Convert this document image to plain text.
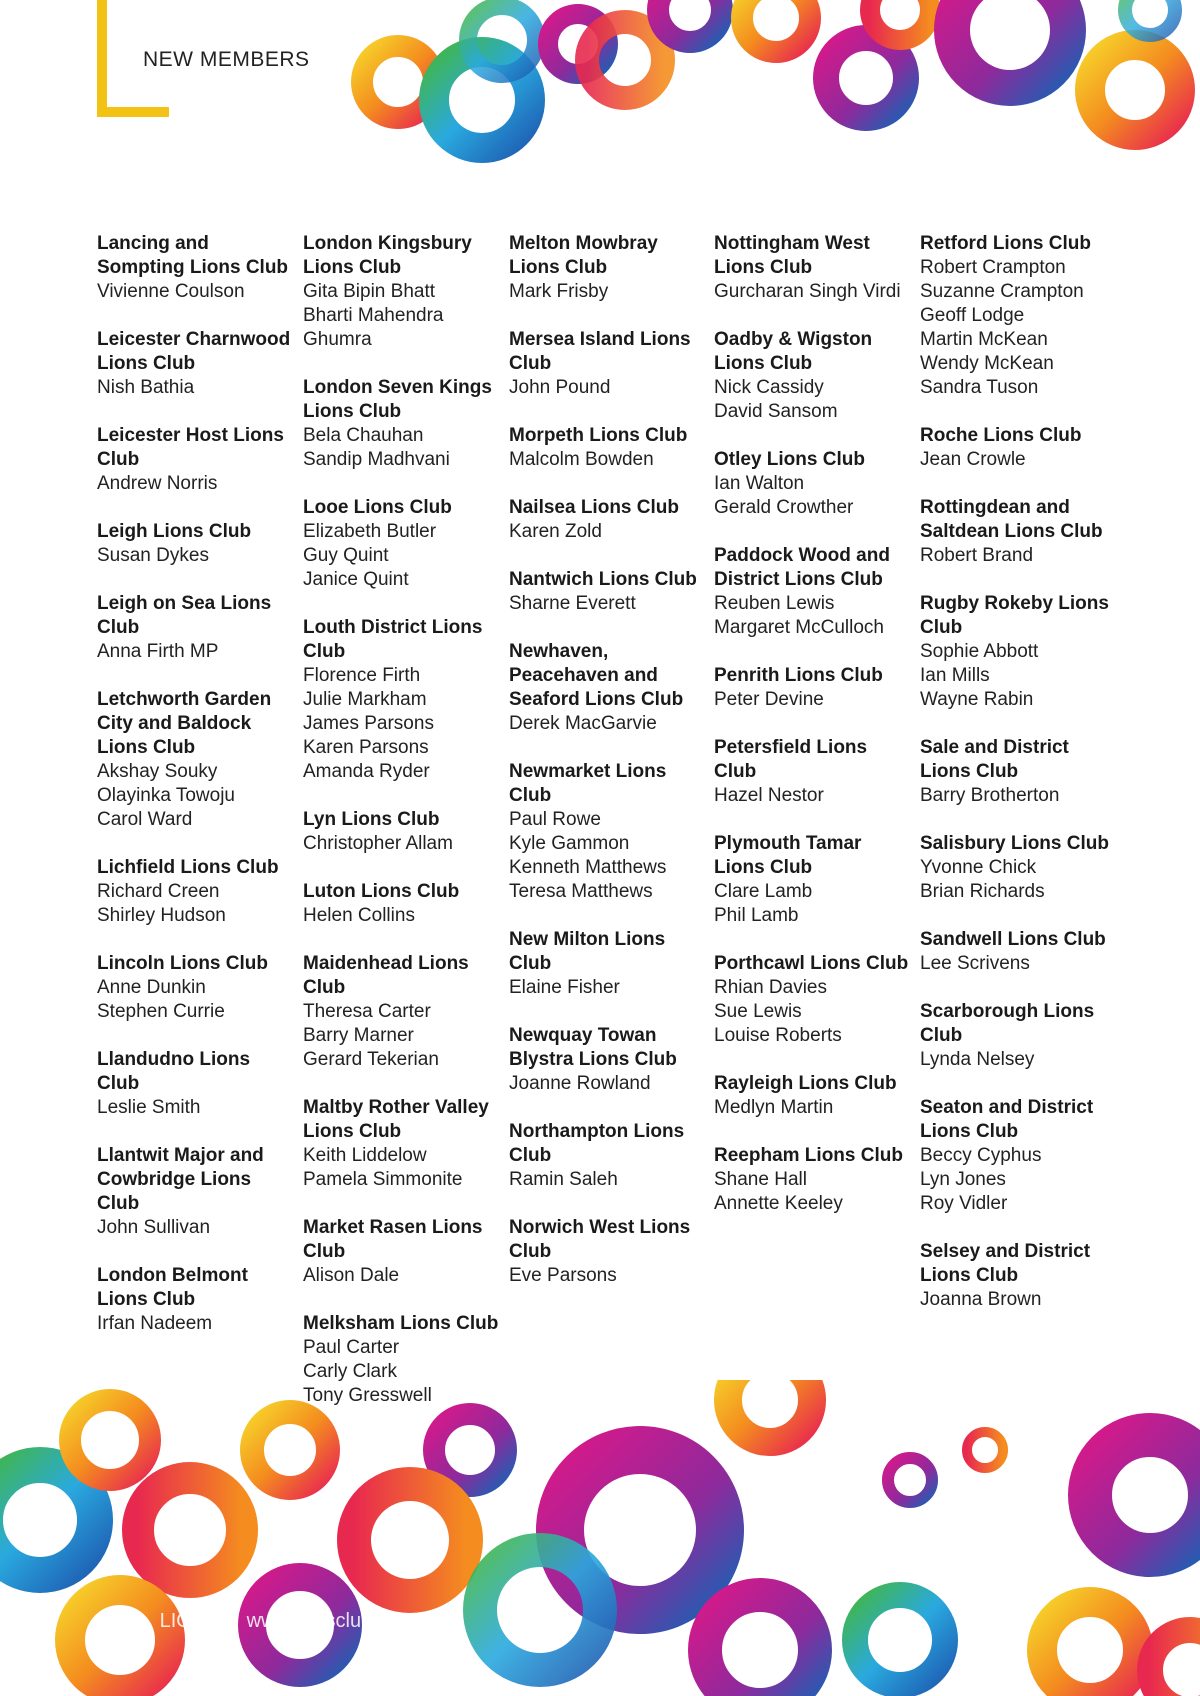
NEW MEMBERS
Lancing and Sompting Lions Club
Vivienne Coulson
Leicester Charnwood Lions Club
Nish Bathia
Leicester Host Lions Club
Andrew Norris
Leigh Lions Club
Susan Dykes
Leigh on Sea Lions Club
Anna Firth MP
Letchworth Garden City and Baldock Lions Club
Akshay Souky
Olayinka Towoju
Carol Ward
Lichfield Lions Club
Richard Creen
Shirley Hudson
Lincoln Lions Club
Anne Dunkin
Stephen Currie
Llandudno Lions Club
Leslie Smith
Llantwit Major and Cowbridge Lions Club
John Sullivan
London Belmont Lions Club
Irfan Nadeem
London Kingsbury Lions Club
Gita Bipin Bhatt
Bharti Mahendra Ghumra
London Seven Kings Lions Club
Bela Chauhan
Sandip Madhvani
Looe Lions Club
Elizabeth Butler
Guy Quint
Janice Quint
Louth District Lions Club
Florence Firth
Julie Markham
James Parsons
Karen Parsons
Amanda Ryder
Lyn Lions Club
Christopher Allam
Luton Lions Club
Helen Collins
Maidenhead Lions Club
Theresa Carter
Barry Marner
Gerard Tekerian
Maltby Rother Valley Lions Club
Keith Liddelow
Pamela Simmonite
Market Rasen Lions Club
Alison Dale
Melksham Lions Club
Paul Carter
Carly Clark
Tony Gresswell
Melton Mowbray Lions Club
Mark Frisby
Mersea Island Lions Club
John Pound
Morpeth Lions Club
Malcolm Bowden
Nailsea Lions Club
Karen Zold
Nantwich Lions Club
Sharne Everett
Newhaven, Peacehaven and Seaford Lions Club
Derek MacGarvie
Newmarket Lions Club
Paul Rowe
Kyle Gammon
Kenneth Matthews
Teresa Matthews
New Milton Lions Club
Elaine Fisher
Newquay Towan Blystra Lions Club
Joanne Rowland
Northampton Lions Club
Ramin Saleh
Norwich West Lions Club
Eve Parsons
Nottingham West Lions Club
Gurcharan Singh Virdi
Oadby & Wigston Lions Club
Nick Cassidy
David Sansom
Otley Lions Club
Ian Walton
Gerald Crowther
Paddock Wood and District Lions Club
Reuben Lewis
Margaret McCulloch
Penrith Lions Club
Peter Devine
Petersfield Lions Club
Hazel Nestor
Plymouth Tamar Lions Club
Clare Lamb
Phil Lamb
Porthcawl Lions Club
Rhian Davies
Sue Lewis
Louise Roberts
Rayleigh Lions Club
Medlyn Martin
Reepham Lions Club
Shane Hall
Annette Keeley
Retford Lions Club
Robert Crampton
Suzanne Crampton
Geoff Lodge
Martin McKean
Wendy McKean
Sandra Tuson
Roche Lions Club
Jean Crowle
Rottingdean and Saltdean Lions Club
Robert Brand
Rugby Rokeby Lions Club
Sophie Abbott
Ian Mills
Wayne Rabin
Sale and District Lions Club
Barry Brotherton
Salisbury Lions Club
Yvonne Chick
Brian Richards
Sandwell Lions Club
Lee Scrivens
Scarborough Lions Club
Lynda Nelsey
Seaton and District Lions Club
Beccy Cyphus
Lyn Jones
Roy Vidler
Selsey and District Lions Club
Joanna Brown
44 | LION | www.lionsclubs.co
